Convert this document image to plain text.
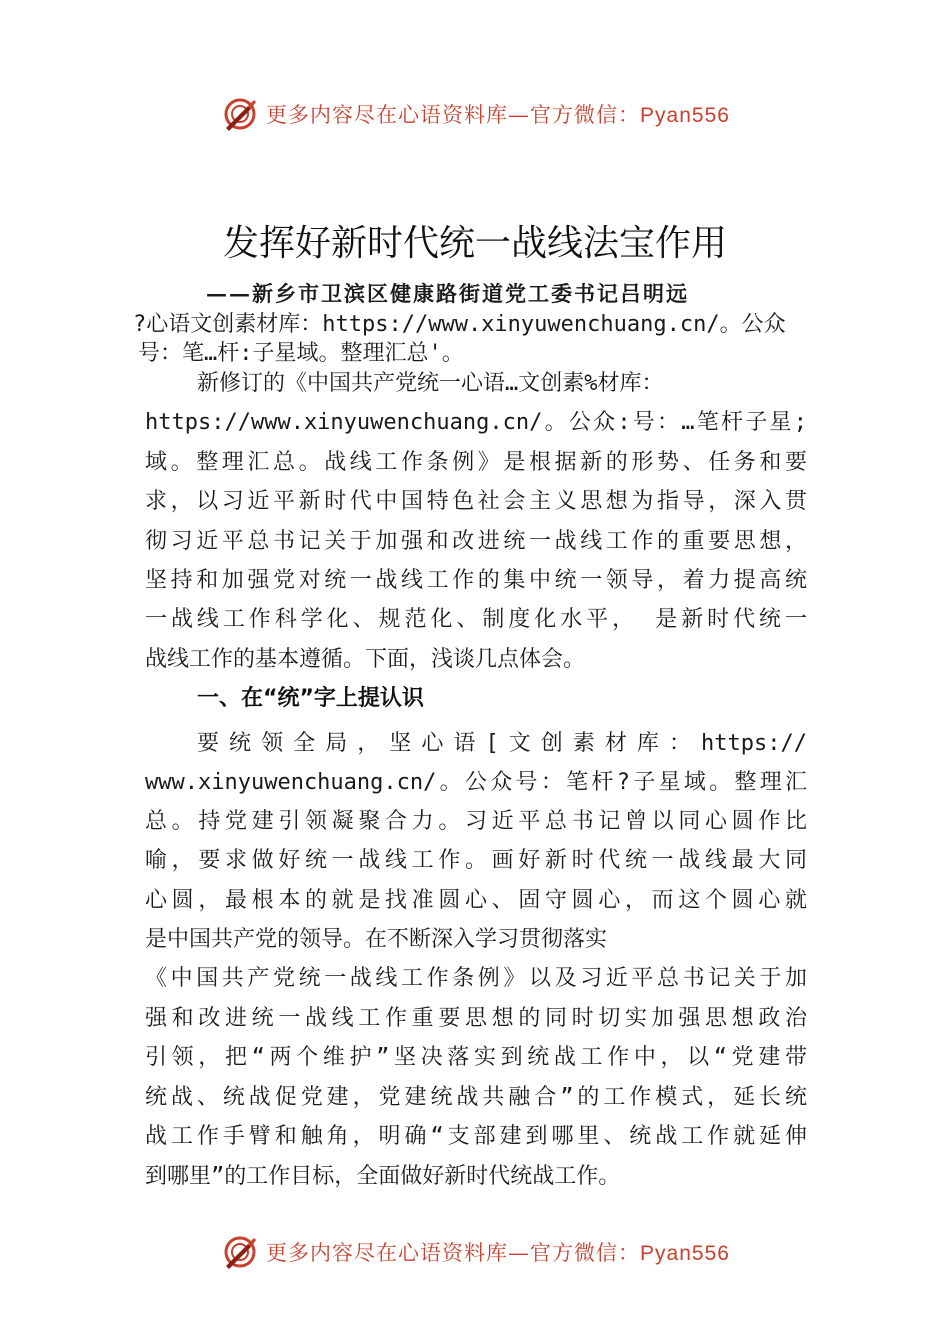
更多内容尽在心语资料库—官方微信：Pyan556
发挥好新时代统一战线法宝作用
——新乡市卫滨区健康路街道党工委书记吕明远
?心语文创素材库：https://www.xinyuwenchuang.cn/。公众
号：笔…杆:子星域。整理汇总'。
新修订的《中国共产党统一心语…文创素%材库：
https://www.xinyuwenchuang.cn/。公众:号：…笔杆子星;
域。整理汇总。战线工作条例》是根据新的形势、任务和要
求，以习近平新时代中国特色社会主义思想为指导，深入贯
彻习近平总书记关于加强和改进统一战线工作的重要思想，
坚持和加强党对统一战线工作的集中统一领导，着力提高统
一战线工作科学化、规范化、制度化水平， 是新时代统一
战线工作的基本遵循。下面，浅谈几点体会。
一、在“统”字上提认识
要统领全局，坚心语[文创素材库：https://
www.xinyuwenchuang.cn/。公众号：笔杆?子星域。整理汇
总。持党建引领凝聚合力。习近平总书记曾以同心圆作比
喻，要求做好统一战线工作。画好新时代统一战线最大同
心圆，最根本的就是找准圆心、固守圆心，而这个圆心就
是中国共产党的领导。在不断深入学习贯彻落实
《中国共产党统一战线工作条例》以及习近平总书记关于加
强和改进统一战线工作重要思想的同时切实加强思想政治
引领，把“两个维护”坚决落实到统战工作中，以“党建带
统战、统战促党建，党建统战共融合”的工作模式，延长统
战工作手臂和触角，明确“支部建到哪里、统战工作就延伸
到哪里”的工作目标，全面做好新时代统战工作。
更多内容尽在心语资料库—官方微信：Pyan556
